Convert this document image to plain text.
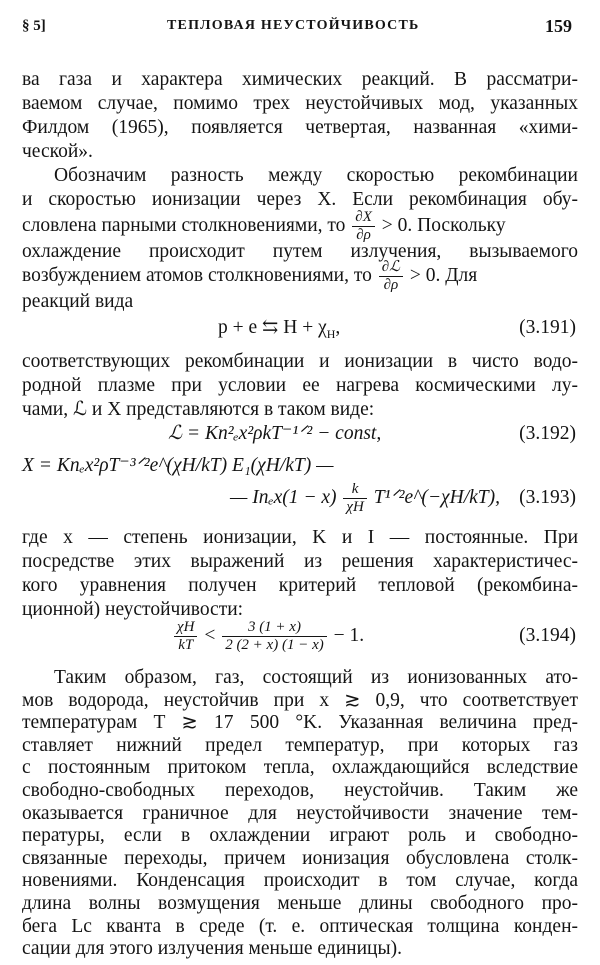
§ 5]	ТЕПЛОВАЯ НЕУСТОЙЧИВОСТЬ	159
ва газа и характера химических реакций. В рассматри-
ваемом случае, помимо трех неустойчивых мод, указанных
Филдом (1965), появляется четвертая, названная «хими-
ческой».
Обозначим разность между скоростью рекомбинации
и скоростью ионизации через X. Если рекомбинация обу-
словлена парными столкновениями, то $\frac{\partial X}{\partial\rho} > 0$. Поскольку
охлаждение происходит путем излучения, вызываемого
возбуждением атомов столкновениями, то $\frac{\text{∂ℒ}}{\partial\rho} > 0$. Для
реакций вида
p + e ⇆ $H + \chi_H$,	(3.191)
соответствующих рекомбинации и ионизации в чисто водо-
родной плазме при условии ее нагрева космическими лу-
чами, ℒ и X представляются в таком виде:
ℒ = Kn²ₑx²ρkT⁻¹ᐟ² − const,	(3.192)
X = Knₑx²ρT⁻³ᐟ²e^(χH/kT) E₁(χH/kT) —
— $In_ex(1 - x) \frac{k}{\chi H}$ T¹ᐟ²e^(−χH/kT), (3.193)
где x — степень ионизации, K и I — постоянные. При
посредстве этих выражений из решения характеристичес-
кого уравнения получен критерий тепловой (рекомбина-
ционной) неустойчивости:
$\frac{\chi H}{kT} < \frac{3 (1 + x)}{2 (2 + x) (1 - x)} - 1$.	(3.194)
Таким образом, газ, состоящий из ионизованных ато-
мов водорода, неустойчив при x ≳ 0,9, что соответствует
температурам T ≳ 17 500 °K. Указанная величина пред-
ставляет нижний предел температур, при которых газ
с постоянным притоком тепла, охлаждающийся вследствие
свободно-свободных переходов, неустойчив. Таким же
оказывается граничное для неустойчивости значение тем-
пературы, если в охлаждении играют роль и свободно-
связанные переходы, причем ионизация обусловлена столк-
новениями. Конденсация происходит в том случае, когда
длина волны возмущения меньше длины свободного про-
бега Lc кванта в среде (т. е. оптическая толщина конден-
сации для этого излучения меньше единицы).
